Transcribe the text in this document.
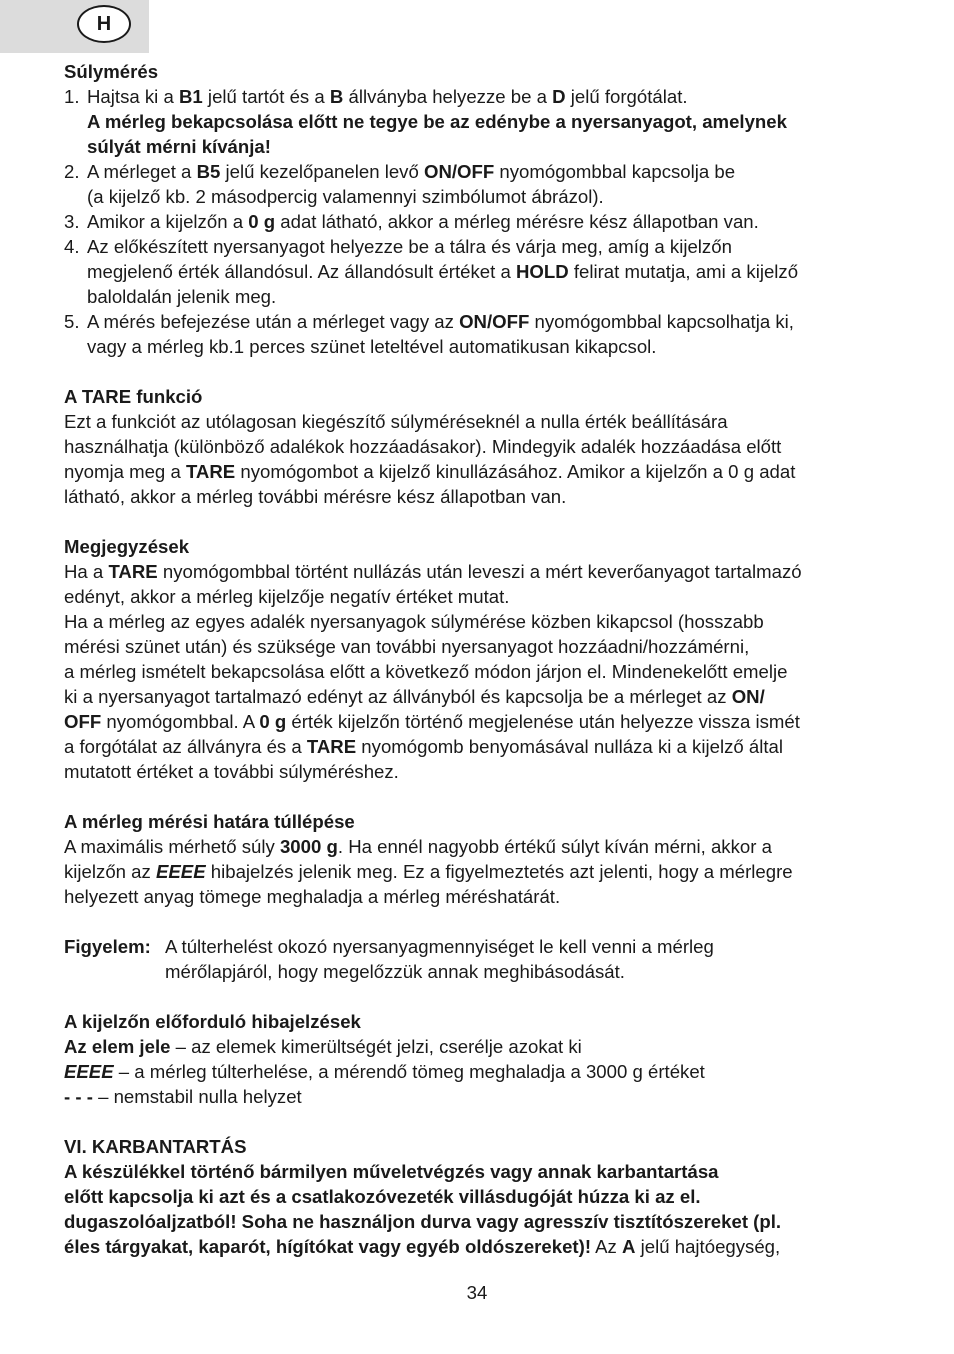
H
Súlymérés
1. Hajtsa ki a B1 jelű tartót és a B állványba helyezze be a D jelű forgótálat.
A mérleg bekapcsolása előtt ne tegye be az edénybe a nyersanyagot, amelynek
súlyát mérni kívánja!
2. A mérleget a B5 jelű kezelőpanelen levő ON/OFF nyomógombbal kapcsolja be
(a kijelző kb. 2 másodpercig valamennyi szimbólumot ábrázol).
3. Amikor a kijelzőn a 0 g adat látható, akkor a mérleg mérésre kész állapotban van.
4. Az előkészített nyersanyagot helyezze be a tálra és várja meg, amíg a kijelzőn
megjelenő érték állandósul. Az állandósult értéket a HOLD felirat mutatja, ami a kijelző
baloldalán jelenik meg.
5. A mérés befejezése után a mérleget vagy az ON/OFF nyomógombbal kapcsolhatja ki,
vagy a mérleg kb.1 perces szünet leteltével automatikusan kikapcsol.
A TARE funkció
Ezt a funkciót az utólagosan kiegészítő súlyméréseknél a nulla érték beállítására
használhatja (különböző adalékok hozzáadásakor). Mindegyik adalék hozzáadása előtt
nyomja meg a TARE nyomógombot a kijelző kinullázásához. Amikor a kijelzőn a 0 g adat
látható, akkor a mérleg további mérésre kész állapotban van.
Megjegyzések
Ha a TARE nyomógombbal történt nullázás után leveszi a mért keverőanyagot tartalmazó
edényt, akkor a mérleg kijelzője negatív értéket mutat.
Ha a mérleg az egyes adalék nyersanyagok súlymérése közben kikapcsol (hosszabb
mérési szünet után) és szüksége van további nyersanyagot hozzáadni/hozzámérni,
a mérleg ismételt bekapcsolása előtt a következő módon járjon el. Mindenekelőtt emelje
ki a nyersanyagot tartalmazó edényt az állványból és kapcsolja be a mérleget az ON/
OFF nyomógombbal. A 0 g érték kijelzőn történő megjelenése után helyezze vissza ismét
a forgótálat az állványra és a TARE nyomógomb benyomásával nulláza ki a kijelző által
mutatott értéket a további súlyméréshez.
A mérleg mérési határa túllépése
A maximális mérhető súly 3000 g. Ha ennél nagyobb értékű súlyt kíván mérni, akkor a
kijelzőn az EEEE hibajelzés jelenik meg. Ez a figyelmeztetés azt jelenti, hogy a mérlegre
helyezett anyag tömege meghaladja a mérleg méréshatárát.
Figyelem: A túlterhelést okozó nyersanyagmennyiséget le kell venni a mérleg
mérőlapjáról, hogy megelőzzük annak meghibásodását.
A kijelzőn előforduló hibajelzések
Az elem jele – az elemek kimerültségét jelzi, cserélje azokat ki
EEEE – a mérleg túlterhelése, a mérendő tömeg meghaladja a 3000 g értéket
- - - – nemstabil nulla helyzet
VI. KARBANTARTÁS
A készülékkel történő bármilyen műveletvégzés vagy annak karbantartása
előtt kapcsolja ki azt és a csatlakozóvezeték villásdugóját húzza ki az el.
dugaszolóaljzatból! Soha ne használjon durva vagy agresszív tisztítószereket (pl.
éles tárgyakat, kaparót, hígítókat vagy egyéb oldószereket)! Az A jelű hajtóegység,
34
